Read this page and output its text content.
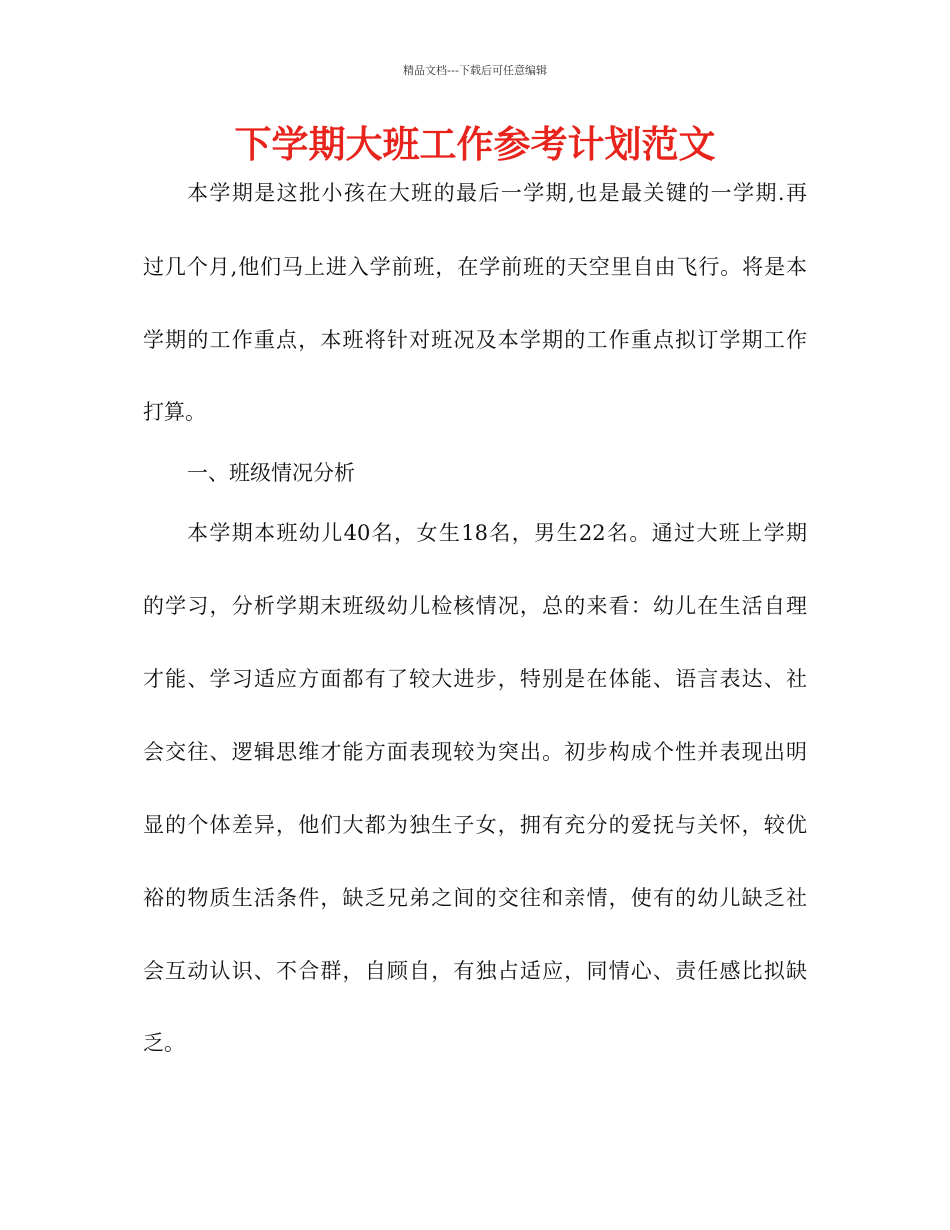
精品文档---下载后可任意编辑
下学期大班工作参考计划范文
本学期是这批小孩在大班的最后一学期,也是最关键的一学期.再
过几个月,他们马上进入学前班，在学前班的天空里自由飞行。将是本
学期的工作重点，本班将针对班况及本学期的工作重点拟订学期工作
打算。
一、班级情况分析
本学期本班幼儿40名，女生18名，男生22名。通过大班上学期
的学习，分析学期末班级幼儿检核情况，总的来看：幼儿在生活自理
才能、学习适应方面都有了较大进步，特别是在体能、语言表达、社
会交往、逻辑思维才能方面表现较为突出。初步构成个性并表现出明
显的个体差异，他们大都为独生子女，拥有充分的爱抚与关怀，较优
裕的物质生活条件，缺乏兄弟之间的交往和亲情，使有的幼儿缺乏社
会互动认识、不合群，自顾自，有独占适应，同情心、责任感比拟缺
乏。
